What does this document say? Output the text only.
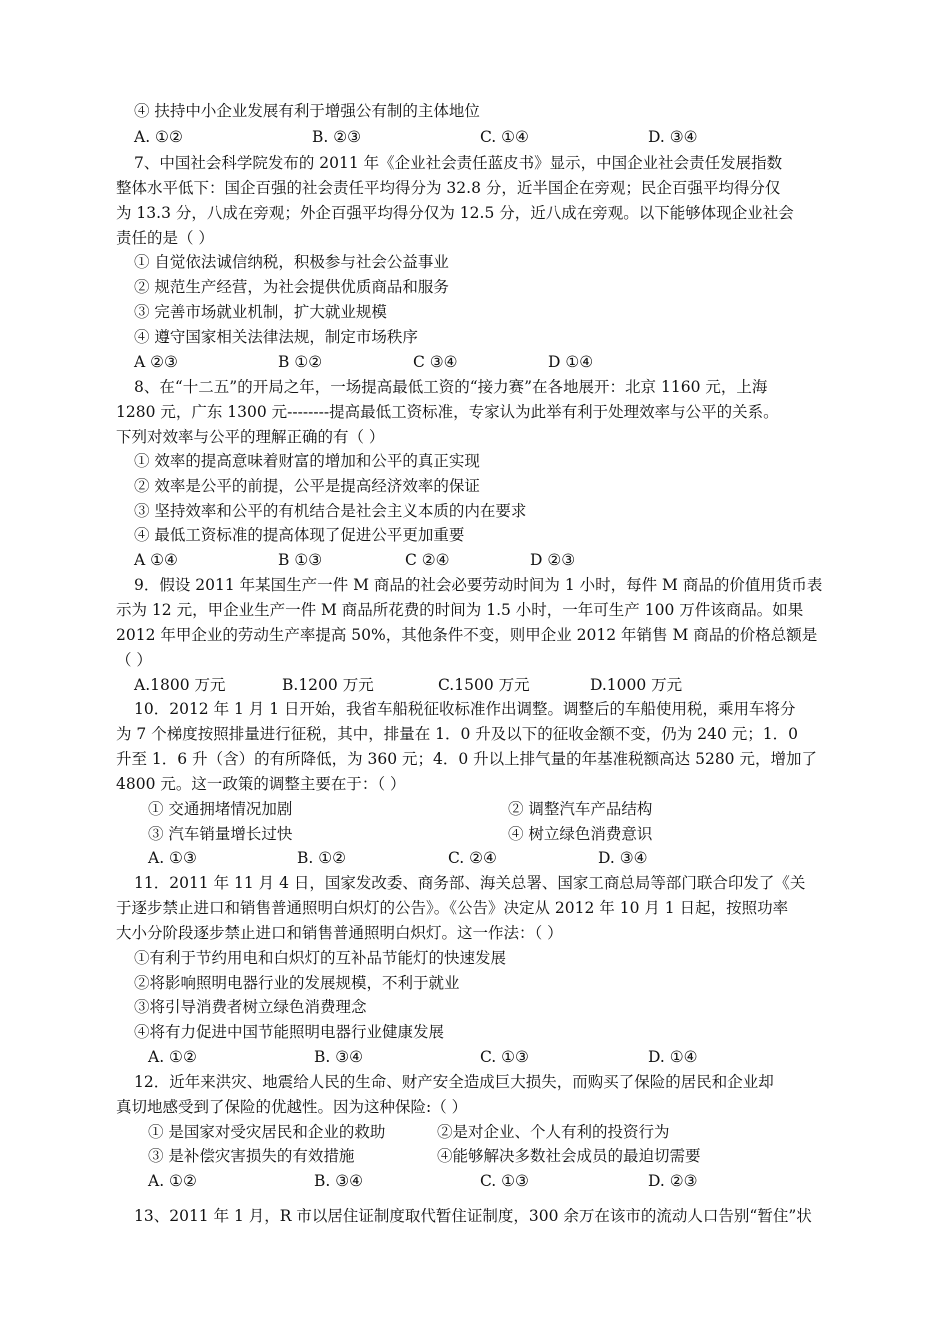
④ 扶持中小企业发展有利于增强公有制的主体地位
A. ①②	B. ②③	C. ①④	D. ③④
7、中国社会科学院发布的 2011 年《企业社会责任蓝皮书》显示，中国企业社会责任发展指数
整体水平低下：国企百强的社会责任平均得分为 32.8 分，近半国企在旁观；民企百强平均得分仅
为 13.3 分，八成在旁观；外企百强平均得分仅为 12.5 分，近八成在旁观。以下能够体现企业社会
责任的是（ ）
① 自觉依法诚信纳税，积极参与社会公益事业
② 规范生产经营，为社会提供优质商品和服务
③ 完善市场就业机制，扩大就业规模
④ 遵守国家相关法律法规，制定市场秩序
A ②③	B ①②	C ③④	D ①④
8、在“十二五”的开局之年，一场提高最低工资的“接力赛”在各地展开：北京 1160 元，上海
1280 元，广东 1300 元--------提高最低工资标准，专家认为此举有利于处理效率与公平的关系。
下列对效率与公平的理解正确的有（ ）
① 效率的提高意味着财富的增加和公平的真正实现
② 效率是公平的前提，公平是提高经济效率的保证
③ 坚持效率和公平的有机结合是社会主义本质的内在要求
④ 最低工资标准的提高体现了促进公平更加重要
A ①④	B ①③	C ②④	D ②③
9．假设 2011 年某国生产一件 M 商品的社会必要劳动时间为 1 小时，每件 M 商品的价值用货币表
示为 12 元，甲企业生产一件 M 商品所花费的时间为 1.5 小时，一年可生产 100 万件该商品。如果
2012 年甲企业的劳动生产率提高 50%，其他条件不变，则甲企业 2012 年销售 M 商品的价格总额是
（ ）
A.1800 万元	B.1200 万元	C.1500 万元	D.1000 万元
10．2012 年 1 月 1 日开始，我省车船税征收标准作出调整。调整后的车船使用税，乘用车将分
为 7 个梯度按照排量进行征税，其中，排量在 1．0 升及以下的征收金额不变，仍为 240 元；1．0
升至 1．6 升（含）的有所降低，为 360 元；4．0 升以上排气量的年基准税额高达 5280 元，增加了
4800 元。这一政策的调整主要在于：（ ）
① 交通拥堵情况加剧	② 调整汽车产品结构
③ 汽车销量增长过快	④ 树立绿色消费意识
A. ①③	B. ①②	C. ②④	D. ③④
11．2011 年 11 月 4 日，国家发改委、商务部、海关总署、国家工商总局等部门联合印发了《关
于逐步禁止进口和销售普通照明白炽灯的公告》。《公告》决定从 2012 年 10 月 1 日起，按照功率
大小分阶段逐步禁止进口和销售普通照明白炽灯。这一作法：（ ）
①有利于节约用电和白炽灯的互补品节能灯的快速发展
②将影响照明电器行业的发展规模，不利于就业
③将引导消费者树立绿色消费理念
④将有力促进中国节能照明电器行业健康发展
A. ①②	B. ③④	C. ①③	D. ①④
12．近年来洪灾、地震给人民的生命、财产安全造成巨大损失，而购买了保险的居民和企业却
真切地感受到了保险的优越性。因为这种保险:（ ）
① 是国家对受灾居民和企业的救助	②是对企业、个人有利的投资行为
③ 是补偿灾害损失的有效措施	④能够解决多数社会成员的最迫切需要
A. ①②	B. ③④	C. ①③	D. ②③
13、2011 年 1 月，R 市以居住证制度取代暂住证制度，300 余万在该市的流动人口告别“暂住”状
